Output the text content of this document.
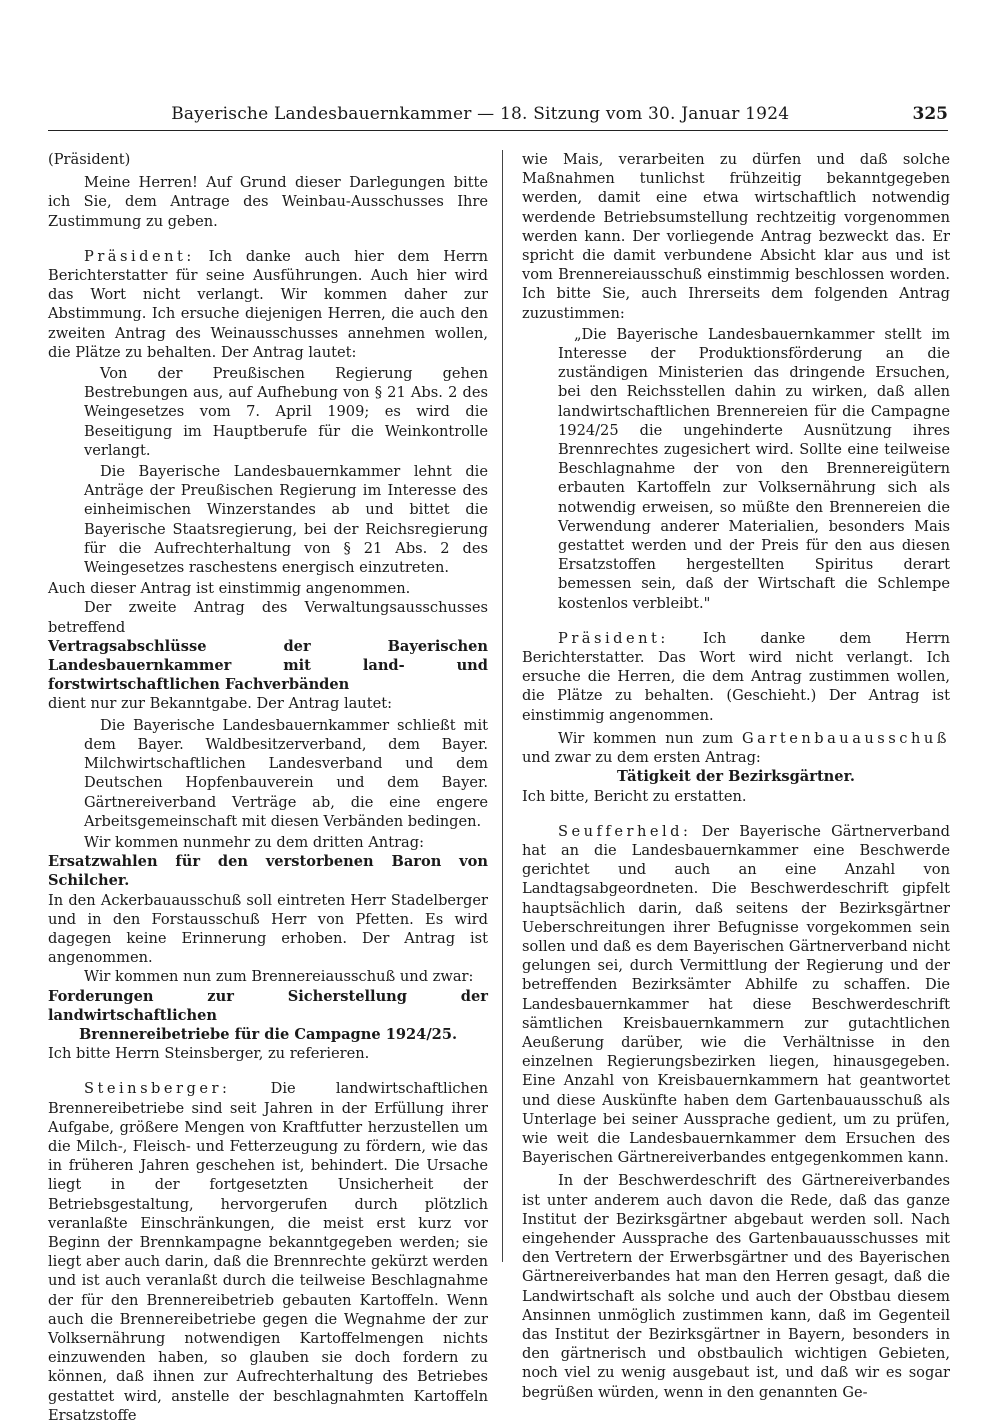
Bayerische Landesbauernkammer — 18. Sitzung vom 30. Januar 1924	325

(Präsident)

Meine Herren! Auf Grund dieser Darlegungen bitte ich Sie, dem Antrage des Weinbau-Ausschusses Ihre Zustimmung zu geben.

Präsident: Ich danke auch hier dem Herrn Berichterstatter für seine Ausführungen. Auch hier wird das Wort nicht verlangt. Wir kommen daher zur Abstimmung. Ich ersuche diejenigen Herren, die auch den zweiten Antrag des Weinausschusses annehmen wollen, die Plätze zu behalten. Der Antrag lautet:

Von der Preußischen Regierung gehen Bestrebungen aus, auf Aufhebung von § 21 Abs. 2 des Weingesetzes vom 7. April 1909; es wird die Beseitigung im Hauptberufe für die Weinkontrolle verlangt.

Die Bayerische Landesbauernkammer lehnt die Anträge der Preußischen Regierung im Interesse des einheimischen Winzerstandes ab und bittet die Bayerische Staatsregierung, bei der Reichsregierung für die Aufrechterhaltung von § 21 Abs. 2 des Weingesetzes raschestens energisch einzutreten.

Auch dieser Antrag ist einstimmig angenommen.

Der zweite Antrag des Verwaltungsausschusses betreffend

Vertragsabschlüsse der Bayerischen Landesbauernkammer mit land- und forstwirtschaftlichen Fachverbänden

dient nur zur Bekanntgabe. Der Antrag lautet:

Die Bayerische Landesbauernkammer schließt mit dem Bayer. Waldbesitzerverband, dem Bayer. Milchwirtschaftlichen Landesverband und dem Deutschen Hopfenbauverein und dem Bayer. Gärtnereiverband Verträge ab, die eine engere Arbeitsgemeinschaft mit diesen Verbänden bedingen.

Wir kommen nunmehr zu dem dritten Antrag:

Ersatzwahlen für den verstorbenen Baron von Schilcher.

In den Ackerbauausschuß soll eintreten Herr Stadelberger und in den Forstausschuß Herr von Pfetten. Es wird dagegen keine Erinnerung erhoben. Der Antrag ist angenommen.

Wir kommen nun zum Brennereiausschuß und zwar:

Forderungen zur Sicherstellung der landwirtschaftlichen

Brennereibetriebe für die Campagne 1924/25.

Ich bitte Herrn Steinsberger, zu referieren.

Steinsberger: Die landwirtschaftlichen Brennereibetriebe sind seit Jahren in der Erfüllung ihrer Aufgabe, größere Mengen von Kraftfutter herzustellen um die Milch-, Fleisch- und Fetterzeugung zu fördern, wie das in früheren Jahren geschehen ist, behindert. Die Ursache liegt in der fortgesetzten Unsicherheit der Betriebsgestaltung, hervorgerufen durch plötzlich veranlaßte Einschränkungen, die meist erst kurz vor Beginn der Brennkampagne bekanntgegeben werden; sie liegt aber auch darin, daß die Brennrechte gekürzt werden und ist auch veranlaßt durch die teilweise Beschlagnahme der für den Brennereibetrieb gebauten Kartoffeln. Wenn auch die Brennereibetriebe gegen die Wegnahme der zur Volksernährung notwendigen Kartoffelmengen nichts einzuwenden haben, so glauben sie doch fordern zu können, daß ihnen zur Aufrechterhaltung des Betriebes gestattet wird, anstelle der beschlagnahmten Kartoffeln Ersatzstoffe

wie Mais, verarbeiten zu dürfen und daß solche Maßnahmen tunlichst frühzeitig bekanntgegeben werden, damit eine etwa wirtschaftlich notwendig werdende Betriebsumstellung rechtzeitig vorgenommen werden kann. Der vorliegende Antrag bezweckt das. Er spricht die damit verbundene Absicht klar aus und ist vom Brennereiausschuß einstimmig beschlossen worden. Ich bitte Sie, auch Ihrerseits dem folgenden Antrag zuzustimmen:

„Die Bayerische Landesbauernkammer stellt im Interesse der Produktionsförderung an die zuständigen Ministerien das dringende Ersuchen, bei den Reichsstellen dahin zu wirken, daß allen landwirtschaftlichen Brennereien für die Campagne 1924/25 die ungehinderte Ausnützung ihres Brennrechtes zugesichert wird. Sollte eine teilweise Beschlagnahme der von den Brennereigütern erbauten Kartoffeln zur Volksernährung sich als notwendig erweisen, so müßte den Brennereien die Verwendung anderer Materialien, besonders Mais gestattet werden und der Preis für den aus diesen Ersatzstoffen hergestellten Spiritus derart bemessen sein, daß der Wirtschaft die Schlempe kostenlos verbleibt."

Präsident: Ich danke dem Herrn Berichterstatter. Das Wort wird nicht verlangt. Ich ersuche die Herren, die dem Antrag zustimmen wollen, die Plätze zu behalten. (Geschieht.) Der Antrag ist einstimmig angenommen.

Wir kommen nun zum Gartenbauausschuß und zwar zu dem ersten Antrag:

Tätigkeit der Bezirksgärtner.

Ich bitte, Bericht zu erstatten.

Seufferheld: Der Bayerische Gärtnerverband hat an die Landesbauernkammer eine Beschwerde gerichtet und auch an eine Anzahl von Landtagsabgeordneten. Die Beschwerdeschrift gipfelt hauptsächlich darin, daß seitens der Bezirksgärtner Ueberschreitungen ihrer Befugnisse vorgekommen sein sollen und daß es dem Bayerischen Gärtnerverband nicht gelungen sei, durch Vermittlung der Regierung und der betreffenden Bezirksämter Abhilfe zu schaffen. Die Landesbauernkammer hat diese Beschwerdeschrift sämtlichen Kreisbauernkammern zur gutachtlichen Aeußerung darüber, wie die Verhältnisse in den einzelnen Regierungsbezirken liegen, hinausgegeben. Eine Anzahl von Kreisbauernkammern hat geantwortet und diese Auskünfte haben dem Gartenbauausschuß als Unterlage bei seiner Aussprache gedient, um zu prüfen, wie weit die Landesbauernkammer dem Ersuchen des Bayerischen Gärtnereiverbandes entgegenkommen kann.

In der Beschwerdeschrift des Gärtnereiverbandes ist unter anderem auch davon die Rede, daß das ganze Institut der Bezirksgärtner abgebaut werden soll. Nach eingehender Aussprache des Gartenbauausschusses mit den Vertretern der Erwerbsgärtner und des Bayerischen Gärtnereiverbandes hat man den Herren gesagt, daß die Landwirtschaft als solche und auch der Obstbau diesem Ansinnen unmöglich zustimmen kann, daß im Gegenteil das Institut der Bezirksgärtner in Bayern, besonders in den gärtnerisch und obstbaulich wichtigen Gebieten, noch viel zu wenig ausgebaut ist, und daß wir es sogar begrüßen würden, wenn in den genannten Ge-
